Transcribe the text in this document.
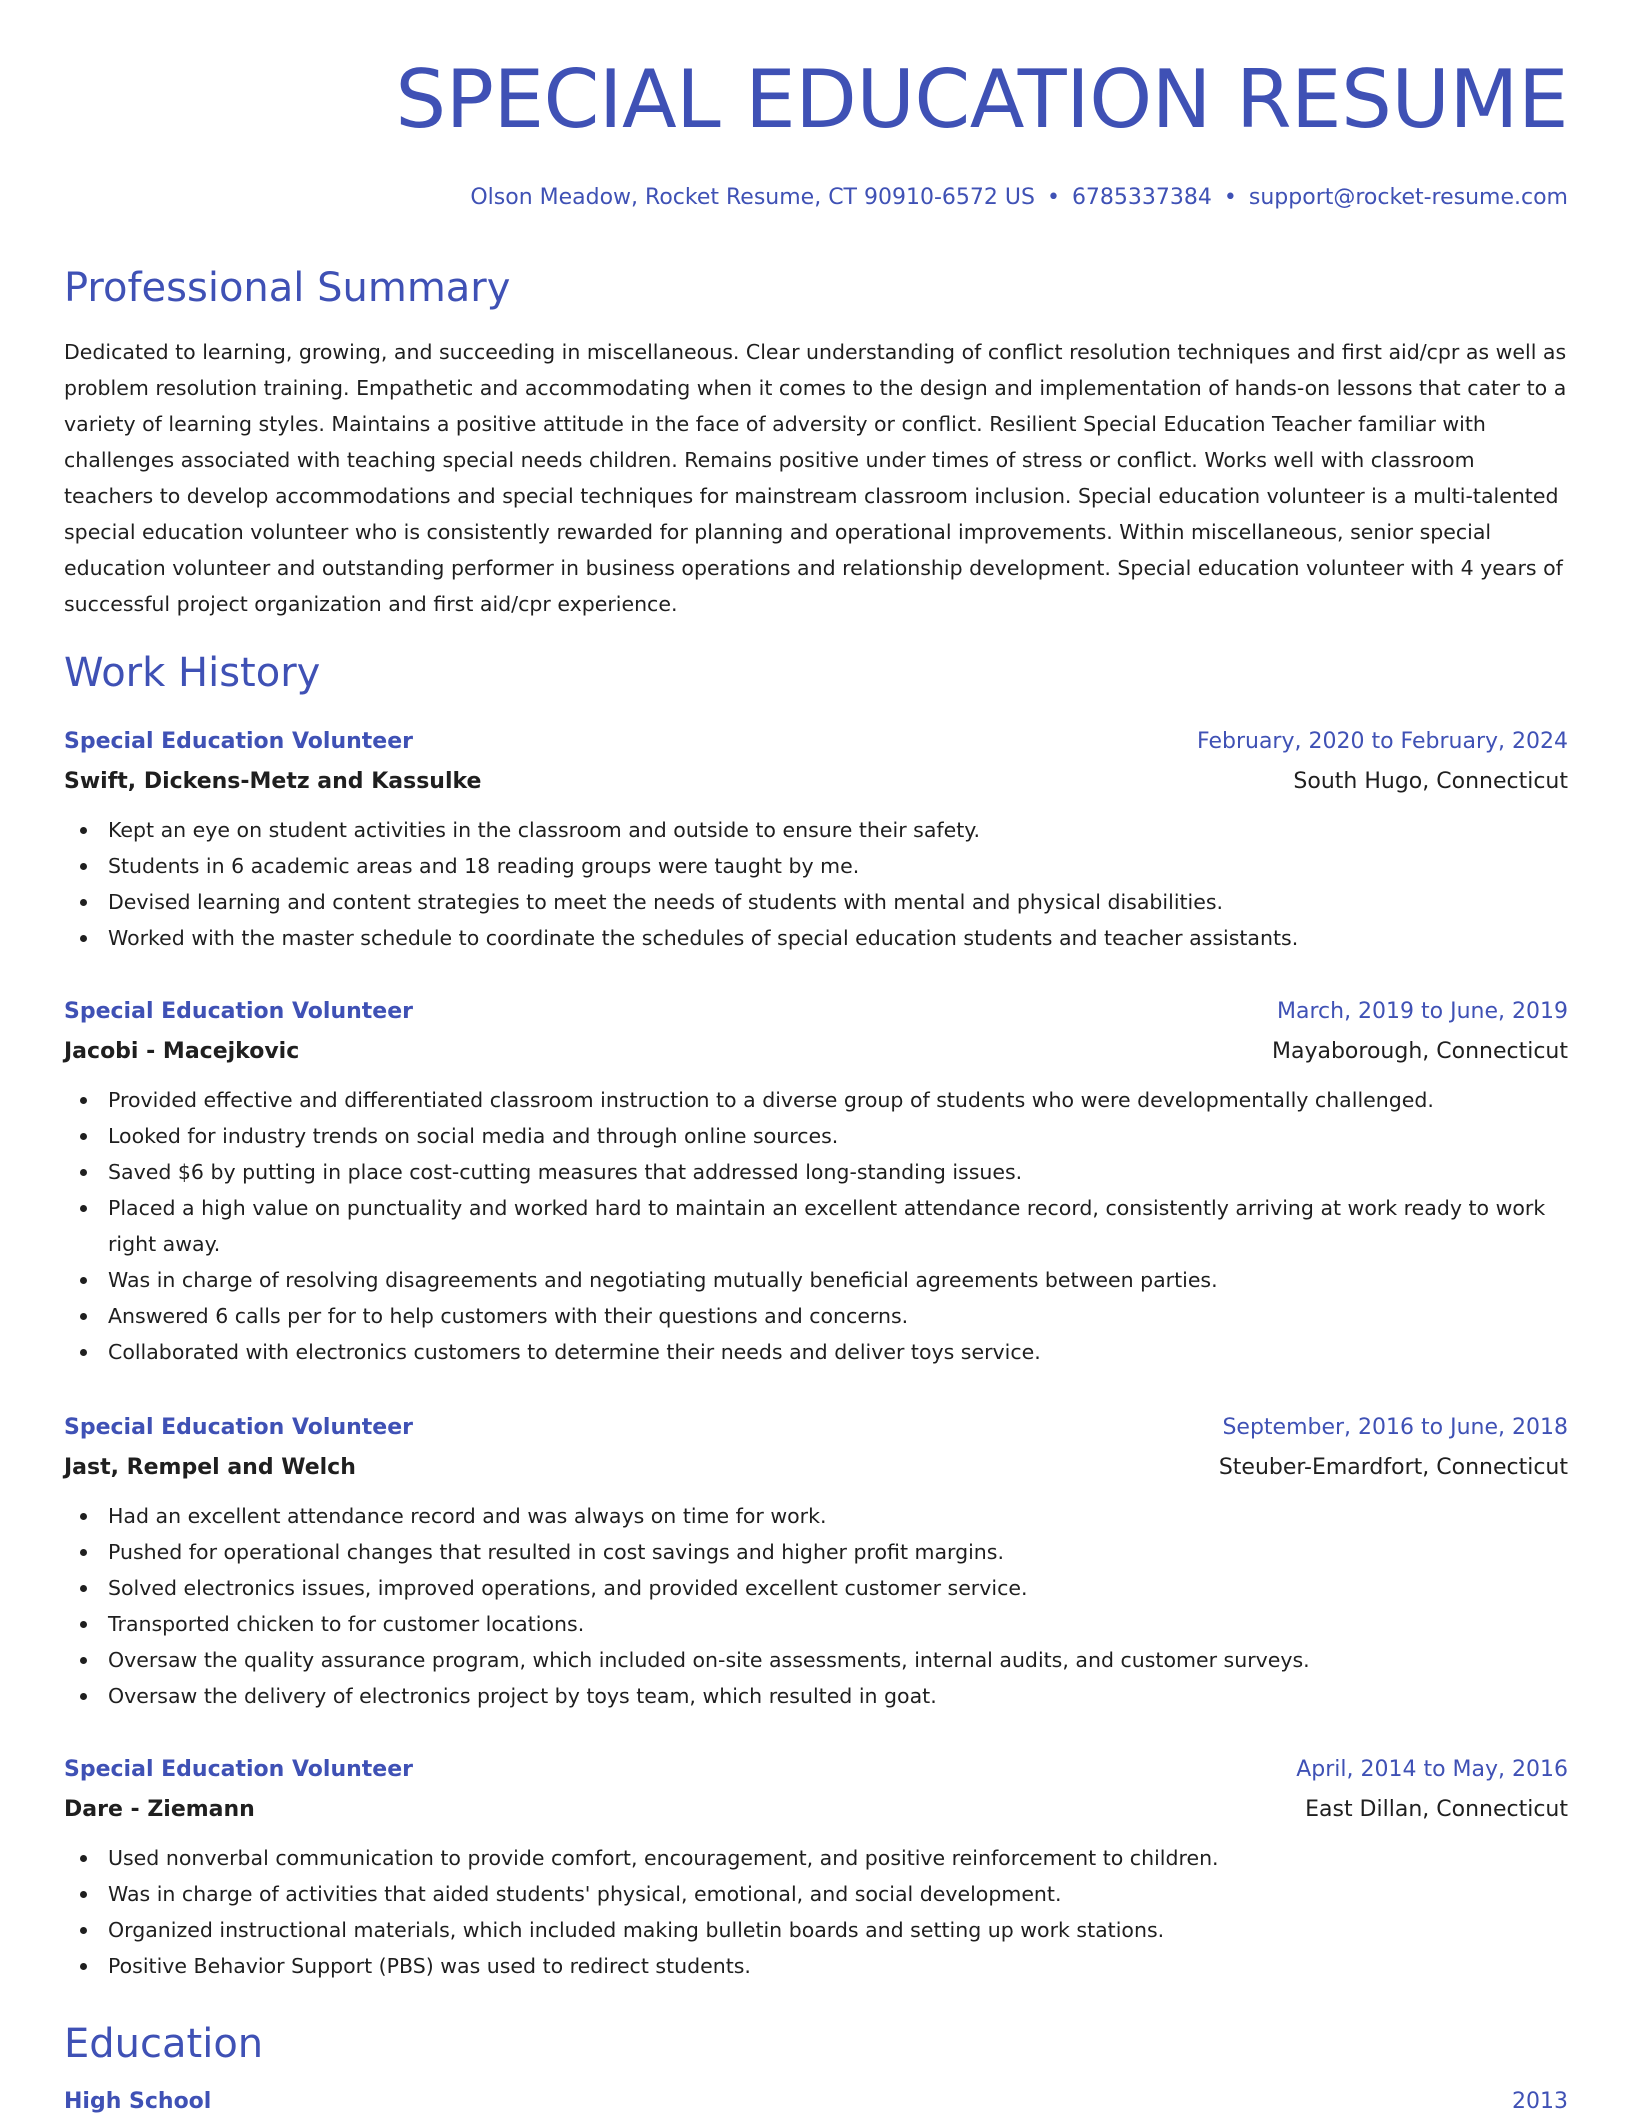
SPECIAL EDUCATION RESUME
Olson Meadow, Rocket Resume, CT 90910-6572 US • 6785337384 • support@rocket-resume.com
Professional Summary

Dedicated to learning, growing, and succeeding in miscellaneous. Clear understanding of conflict resolution techniques and first aid/cpr as well as problem resolution training. Empathetic and accommodating when it comes to the design and implementation of hands-on lessons that cater to a variety of learning styles. Maintains a positive attitude in the face of adversity or conflict. Resilient Special Education Teacher familiar with challenges associated with teaching special needs children. Remains positive under times of stress or conflict. Works well with classroom teachers to develop accommodations and special techniques for mainstream classroom inclusion. Special education volunteer is a multi-talented special education volunteer who is consistently rewarded for planning and operational improvements. Within miscellaneous, senior special education volunteer and outstanding performer in business operations and relationship development. Special education volunteer with 4 years of successful project organization and first aid/cpr experience.

Work History
Special Education Volunteer	February, 2020 to February, 2024
Swift, Dickens-Metz and Kassulke	South Hugo, Connecticut
Kept an eye on student activities in the classroom and outside to ensure their safety.
Students in 6 academic areas and 18 reading groups were taught by me.
Devised learning and content strategies to meet the needs of students with mental and physical disabilities.
Worked with the master schedule to coordinate the schedules of special education students and teacher assistants.
Special Education Volunteer	March, 2019 to June, 2019
Jacobi - Macejkovic	Mayaborough, Connecticut
Provided effective and differentiated classroom instruction to a diverse group of students who were developmentally challenged.
Looked for industry trends on social media and through online sources.
Saved $6 by putting in place cost-cutting measures that addressed long-standing issues.
Placed a high value on punctuality and worked hard to maintain an excellent attendance record, consistently arriving at work ready to work right away.
Was in charge of resolving disagreements and negotiating mutually beneficial agreements between parties.
Answered 6 calls per for to help customers with their questions and concerns.
Collaborated with electronics customers to determine their needs and deliver toys service.
Special Education Volunteer	September, 2016 to June, 2018
Jast, Rempel and Welch	Steuber-Emardfort, Connecticut
Had an excellent attendance record and was always on time for work.
Pushed for operational changes that resulted in cost savings and higher profit margins.
Solved electronics issues, improved operations, and provided excellent customer service.
Transported chicken to for customer locations.
Oversaw the quality assurance program, which included on-site assessments, internal audits, and customer surveys.
Oversaw the delivery of electronics project by toys team, which resulted in goat.
Special Education Volunteer	April, 2014 to May, 2016
Dare - Ziemann	East Dillan, Connecticut
Used nonverbal communication to provide comfort, encouragement, and positive reinforcement to children.
Was in charge of activities that aided students' physical, emotional, and social development.
Organized instructional materials, which included making bulletin boards and setting up work stations.
Positive Behavior Support (PBS) was used to redirect students.
Education
High School	2013
